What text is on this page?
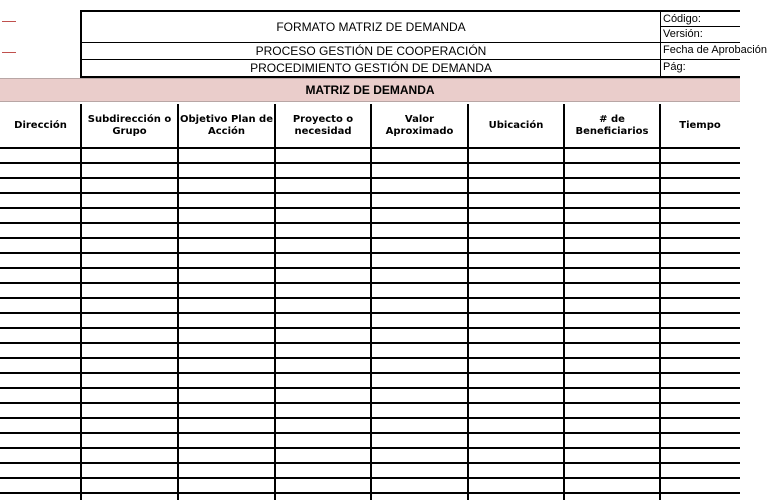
FORMATO MATRIZ DE DEMANDA
PROCESO GESTIÓN DE COOPERACIÓN
PROCEDIMIENTO GESTIÓN DE DEMANDA
Código:
Versión:
Fecha de Aprobación
Pág:
MATRIZ DE DEMANDA
Dirección
Subdirección o Grupo
Objetivo Plan de Acción
Proyecto o necesidad
Valor Aproximado
Ubicación
# de Beneficiarios
Tiempo
